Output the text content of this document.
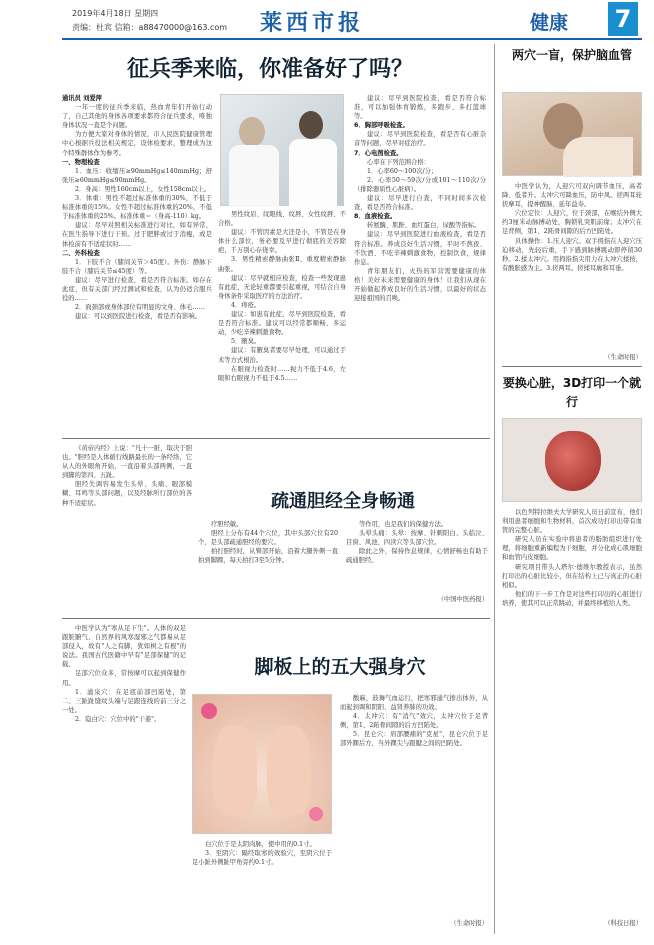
2019年4月18日 星期四
责编：杜宾 信箱：a88470000@163.com 莱西市报	健康 7
征兵季来临，你准备好了吗？
通讯员 刘爱萍
一年一度的征兵季来临，热血青年们开始行动了，自己其他的身体各项要求都符合征兵要求，唯独身体状况一直是个问题。
为方便大家对身体的情况，市人民医院健康管理中心根据兵役法相关规定，设体检要求，整理成为这个特殊群体作为参考。
一、物理检查
1．血压：收缩压≥90mmHg≤140mmHg；舒张压≥60mmHg≤90mmHg。
2．身高：男性160cm以上，女性158cm以上。
3．体重：男性不超过标准体重的30%，不低于标准体重的15%。女性不超过标准体重的20%，不低于标准体重的25%。标准体重＝（身高-110）kg。
建议：尽早对照相关标准进行对比，如有异常，在医生指导下进行干预。过于肥胖或过于消瘦，或是体检前有不适症状时……
二、外科检查
1．下肢不合（膝间关节＞45度）。外伤：静脉下肢不合（膝后关节≤45度）等。
建议：尽早进行检查，看是否符合标准。如存在此症，但有关部门经过测试和检查，认为仍适合服兵役的……
2．面颈部或身体部位有明显的文身、体毛……
建议：可以到医院进行检查，看是否有影响。
男性纹眉、纹眼线、纹唇、女性纹唇、不合格。
建议：不管因素是大还是小，不管是在身体什么部位，务必要及早进行彻底的美容除疤，千万别心存侥幸。
3．男性精索静脉曲张Ⅱ、重度精索静脉曲张。
建议：尽早就相应检查，检查一些发现患有此症，无论轻重都要引起重视，可结合自身身体条件采取医疗的方法治疗。
4．痔疮。
建议：如患有此症，尽早到医院检查，看是否符合标准。建议可以经常都顺畅、多运动，少吃辛辣刺激食物。
5．腋臭。
建议：有腋臭者要尽早处理，可以通过手术等方式根治。
在眼视力检查时……视力不低于4.6，左眼和右眼视力不低于4.5……
建议：尽早到医院检查，看是否符合标准，可以加强体育锻炼，多跑步、多打篮球等。
6．胸部呼吸检查。
建议：尽早到医院检查，看是否有心脏杂音等问题，尽早对症治疗。
7．心电图检查。
心率在下列范围合格：
1．心率60～100次/分；
2．心率50～59次/分或101～110次/分（排除器质性心脏病）。
建议：尽早进行自查，不同时间多次检查，看是否符合标准。
8．血液检查。
转氨酶、肌酐、血红蛋白、尿酸等指标。
建议：尽早到医院进行血液检查，看是否符合标准。养成良好生活习惯，平时不熬夜、不饮酒、不吃辛辣刺激食物，控制饮食，规律作息。
青年朋友们，火热的军营需要健康的体格！美好未来需要健康的身体！让我们从现在开始做起养成良好的生活习惯，以最好的状态迎接祖国的召唤。
两穴一盲，保护脑血管
中医学认为，人迎穴可双向调节血压，高者降、低者升。太冲穴可降血压，防中风。搓两耳轮搓摩耳，提神醒脑、延年益寿。
穴位定位：人迎穴，位于颈部，在喉结外侧大约3厘米动脉搏动处，胸锁乳突肌前缘；太冲穴在足背侧，第1、2跖骨间隙的后方凹陷处。
具体操作：1.压人迎穴。双手拇指在人迎穴压迫移动，先轻后重，手下感到脉搏跳动即停留30秒。2.揉太冲穴。用拇指指尖用力在太冲穴揉按，有酸胀感为主。3.搓两耳。搓揉耳廓和耳垂。
（生命时报）
要换心脏，3D打印一个就行
以色列特拉维夫大学研究人员日前宣布，他们利用患者细胞和生物材料，首次成功打印出带有血管的完整心脏。
研究人员在实验中将患者的脂肪组织进行处理，将细胞重新编程为干细胞，并分化成心肌细胞和血管内皮细胞。
研究项目带头人塔尔·德维尔教授表示，虽然打印出的心脏比较小，但在结构上已与真正的心脏相似。
他们的下一步工作是对这些打印出的心脏进行培养，使其可以正常跳动，并最终移植给人类。
（科技日报）
《黄帝内经》上说："凡十一脏，取决于胆也。"胆经是人体循行线路最长的一条经络，它从人的外眼角开始，一直沿着头部两侧，一直到脚的第四、五趾。
胆经失调容易发生头晕、头痛、眼部模糊、耳鸣等头部问题，以及经脉所行部位的各种不适症状。	疏通胆经全身畅通
疗胆经敏。
胆经上分布有44个穴位，其中头部穴位有20个，是头部疏通胆经的要穴。
拍打胆经时，从臀部开始，沿着大腿外侧一直拍到脚踝，每天拍打3至5分钟。
等作用，也是我们的保健方法。
头晕头痛：头晕：按摩、针刺阳白、头临泣、目窗、风池、四渎穴等头部穴位。
除此之外，保持作息规律，心情舒畅也有助于疏通胆经。
（中国中医药报）
脚板上的五大强身穴
中医学认为"寒从足下生"。人体的双足跟脏腑气、自然界的风寒湿邪之气都易从足部侵入，故有"人之有脚，犹如树之有根"的说法。我国古代医籍中早有"足部保健"的记载。
足部穴位众多，常按摩可以起到保健作用。
1．涌泉穴：在足底前部凹陷处，第二、三趾趾缝纹头端与足跟连线的前三分之一处。
2．隐白穴：穴位中的"干姜"。
白穴位于是太阴肉脉，使中用的0.1寸。
3．至阴穴：隔经取寒的效验穴，至阴穴位于足小趾外侧趾甲角旁约0.1寸。
酸麻，鼓舞气血运行，把寒邪通气排出体外，从而起到调和阴阳、益肾养肺的功效。
4．太冲穴：有"消气"效穴，太冲穴位于足背侧，第1、2跖骨间隙的后方凹陷处。
5．昆仑穴：肩部腰痛的"克星"，昆仑穴位于足部外踝后方，当外踝尖与跟腱之间的凹陷处。
（生命时报）
